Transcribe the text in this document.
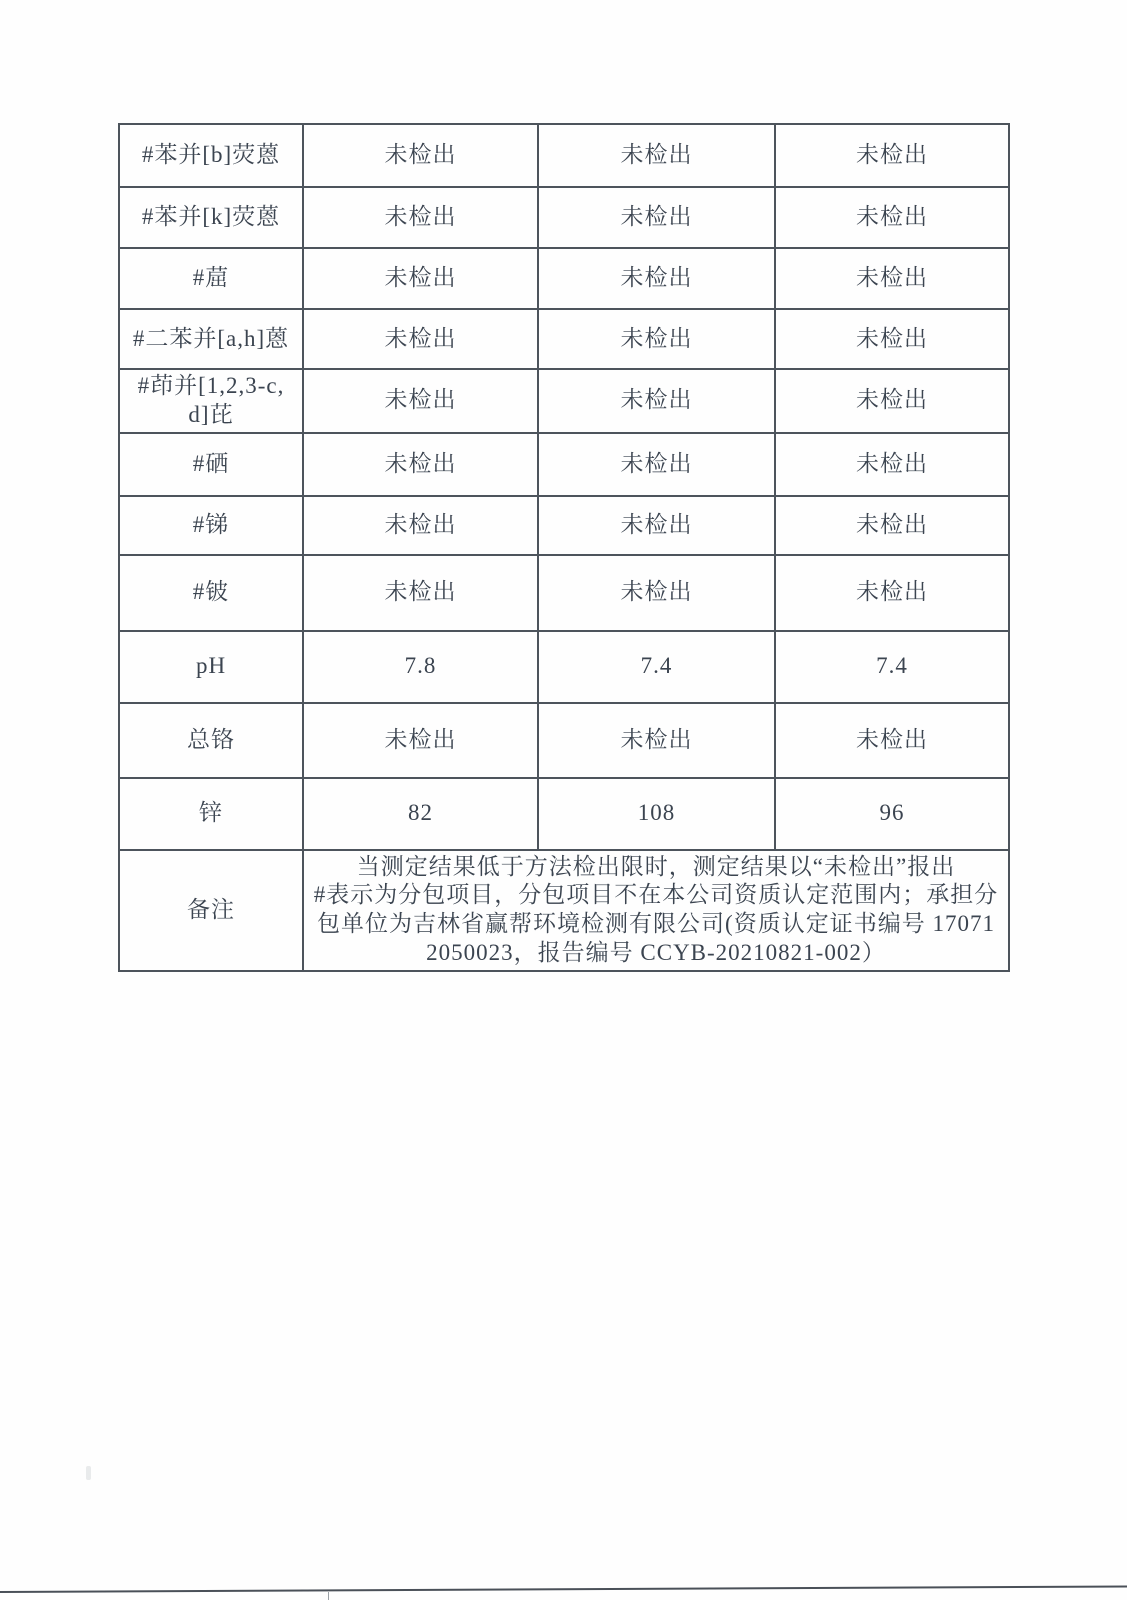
#苯并[b]荧蒽	未检出	未检出	未检出
#苯并[k]荧蒽	未检出	未检出	未检出
#䓛	未检出	未检出	未检出
#二苯并[a,h]蒽	未检出	未检出	未检出
#茚并[1,2,3-c,d]芘	未检出	未检出	未检出
#硒	未检出	未检出	未检出
#锑	未检出	未检出	未检出
#铍	未检出	未检出	未检出
pH	7.8	7.4	7.4
总铬	未检出	未检出	未检出
锌	82	108	96
备注	当测定结果低于方法检出限时，测定结果以“未检出”报出
#表示为分包项目，分包项目不在本公司资质认定范围内；承担分包单位为吉林省赢帮环境检测有限公司(资质认定证书编号 170712050023，报告编号 CCYB-20210821-002）		
